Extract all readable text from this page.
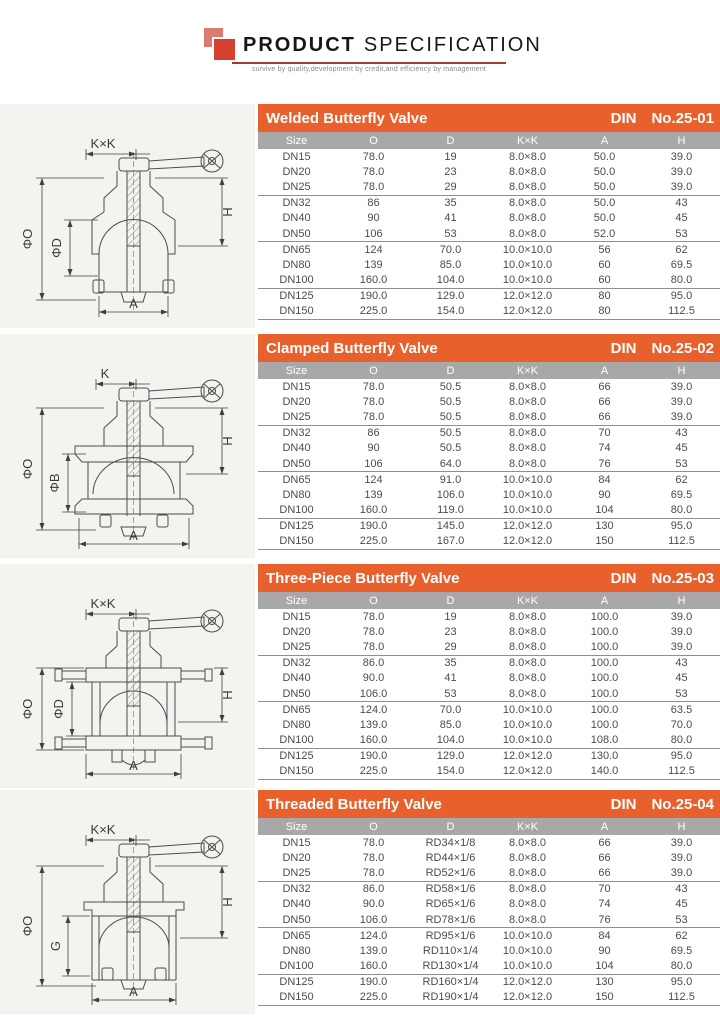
PRODUCT SPECIFICATION
survive by quality,development by credit,and efficiency by management
K×K
ΦO ΦD
H
A
Welded Butterfly Valve	DIN No.25-01
Size	O	D	K×K	A	H
DN15	78.0	19	8.0×8.0	50.0	39.0
DN20	78.0	23	8.0×8.0	50.0	39.0
DN25	78.0	29	8.0×8.0	50.0	39.0
DN32	86	35	8.0×8.0	50.0	43
DN40	90	41	8.0×8.0	50.0	45
DN50	106	53	8.0×8.0	52.0	53
DN65	124	70.0	10.0×10.0	56	62
DN80	139	85.0	10.0×10.0	60	69.5
DN100	160.0	104.0	10.0×10.0	60	80.0
DN125	190.0	129.0	12.0×12.0	80	95.0
DN150	225.0	154.0	12.0×12.0	80	112.5
K
ΦO
ΦB
H
A
Clamped Butterfly Valve	DIN No.25-02
Size	O	D	K×K	A	H
DN15	78.0	50.5	8.0×8.0	66	39.0
DN20	78.0	50.5	8.0×8.0	66	39.0
DN25	78.0	50.5	8.0×8.0	66	39.0
DN32	86	50.5	8.0×8.0	70	43
DN40	90	50.5	8.0×8.0	74	45
DN50	106	64.0	8.0×8.0	76	53
DN65	124	91.0	10.0×10.0	84	62
DN80	139	106.0	10.0×10.0	90	69.5
DN100	160.0	119.0	10.0×10.0	104	80.0
DN125	190.0	145.0	12.0×12.0	130	95.0
DN150	225.0	167.0	12.0×12.0	150	112.5
K×K
ΦO ΦD
H
A
Three-Piece Butterfly Valve	DIN No.25-03
Size	O	D	K×K	A	H
DN15	78.0	19	8.0×8.0	100.0	39.0
DN20	78.0	23	8.0×8.0	100.0	39.0
DN25	78.0	29	8.0×8.0	100.0	39.0
DN32	86.0	35	8.0×8.0	100.0	43
DN40	90.0	41	8.0×8.0	100.0	45
DN50	106.0	53	8.0×8.0	100.0	53
DN65	124.0	70.0	10.0×10.0	100.0	63.5
DN80	139.0	85.0	10.0×10.0	100.0	70.0
DN100	160.0	104.0	10.0×10.0	108.0	80.0
DN125	190.0	129.0	12.0×12.0	130.0	95.0
DN150	225.0	154.0	12.0×12.0	140.0	112.5
K×K
ΦO
G
H
A
Threaded Butterfly Valve	DIN No.25-04
Size	O	D	K×K	A	H
DN15	78.0	RD34×1/8	8.0×8.0	66	39.0
DN20	78.0	RD44×1/6	8.0×8.0	66	39.0
DN25	78.0	RD52×1/6	8.0×8.0	66	39.0
DN32	86.0	RD58×1/6	8.0×8.0	70	43
DN40	90.0	RD65×1/6	8.0×8.0	74	45
DN50	106.0	RD78×1/6	8.0×8.0	76	53
DN65	124.0	RD95×1/6	10.0×10.0	84	62
DN80	139.0	RD110×1/4	10.0×10.0	90	69.5
DN100	160.0	RD130×1/4	10.0×10.0	104	80.0
DN125	190.0	RD160×1/4	12.0×12.0	130	95.0
DN150	225.0	RD190×1/4	12.0×12.0	150	112.5
